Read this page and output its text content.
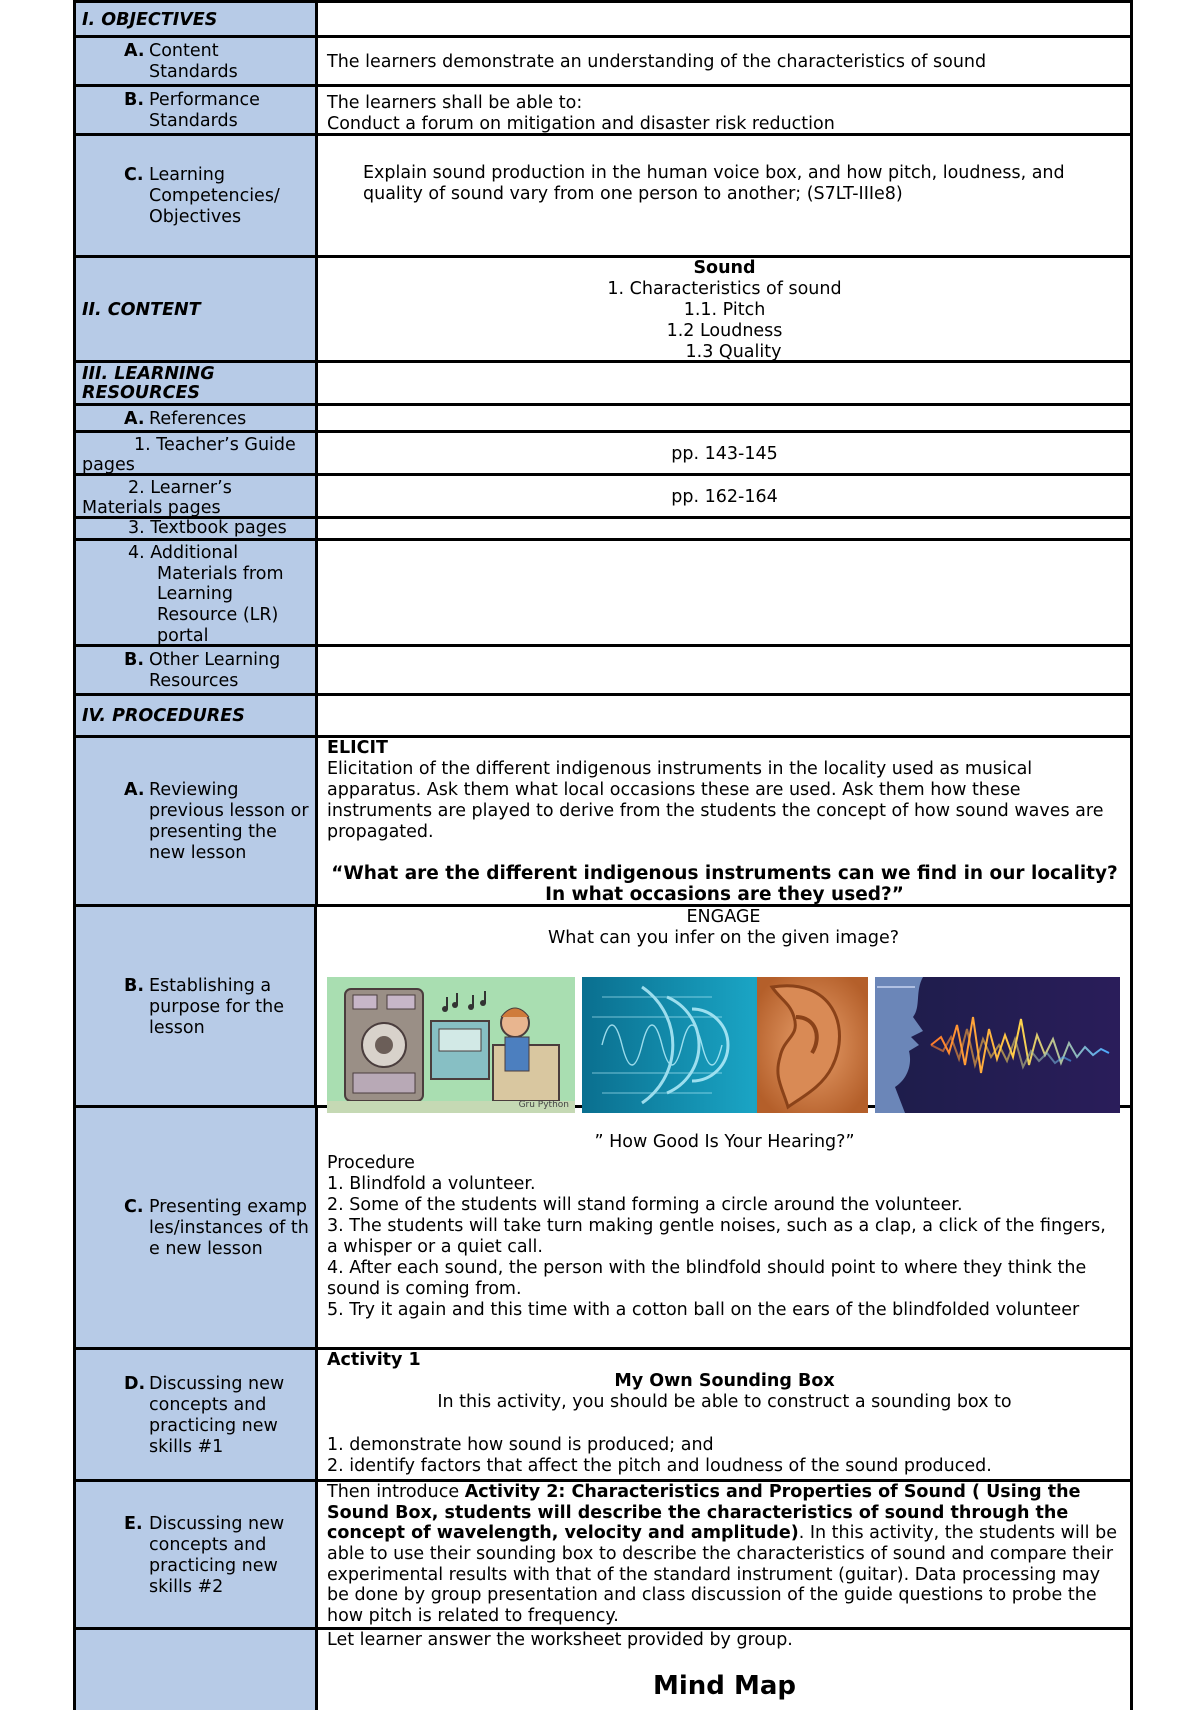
I. OBJECTIVES
A. Content Standards
The learners demonstrate an understanding of the characteristics of sound
B. Performance Standards
The learners shall be able to:
Conduct a forum on mitigation and disaster risk reduction
C. Learning Competencies/ Objectives
Explain sound production in the human voice box, and how pitch, loudness, and quality of sound vary from one person to another; (S7LT-IIIe8)
II. CONTENT
Sound
1. Characteristics of sound
1.1. Pitch
1.2 Loudness
1.3 Quality
III. LEARNING RESOURCES
A. References
1. Teacher’s Guide pages
pp. 143-145
2. Learner’s Materials pages
pp. 162-164
3. Textbook pages
4. Additional Materials from Learning Resource (LR) portal
B. Other Learning Resources
IV. PROCEDURES
A. Reviewing previous lesson or presenting the new lesson
ELICIT
Elicitation of the different indigenous instruments in the locality used as musical apparatus. Ask them what local occasions these are used. Ask them how these instruments are played to derive from the students the concept of how sound waves are propagated.
“What are the different indigenous instruments can we find in our locality? In what occasions are they used?”
B. Establishing a purpose for the lesson
ENGAGE
What can you infer on the given image?
Gru Python
C. Presenting examples/instances of the new lesson
” How Good Is Your Hearing?”
Procedure
1. Blindfold a volunteer.
2. Some of the students will stand forming a circle around the volunteer.
3. The students will take turn making gentle noises, such as a clap, a click of the fingers, a whisper or a quiet call.
4. After each sound, the person with the blindfold should point to where they think the sound is coming from.
5. Try it again and this time with a cotton ball on the ears of the blindfolded volunteer
D. Discussing new concepts and practicing new skills #1
Activity 1
My Own Sounding Box
In this activity, you should be able to construct a sounding box to
1. demonstrate how sound is produced; and
2. identify factors that affect the pitch and loudness of the sound produced.
E. Discussing new concepts and practicing new skills #2
Then introduce Activity 2: Characteristics and Properties of Sound ( Using the Sound Box, students will describe the characteristics of sound through the concept of wavelength, velocity and amplitude). In this activity, the students will be able to use their sounding box to describe the characteristics of sound and compare their experimental results with that of the standard instrument (guitar). Data processing may be done by group presentation and class discussion of the guide questions to probe the how pitch is related to frequency.
Let learner answer the worksheet provided by group.
Mind Map
